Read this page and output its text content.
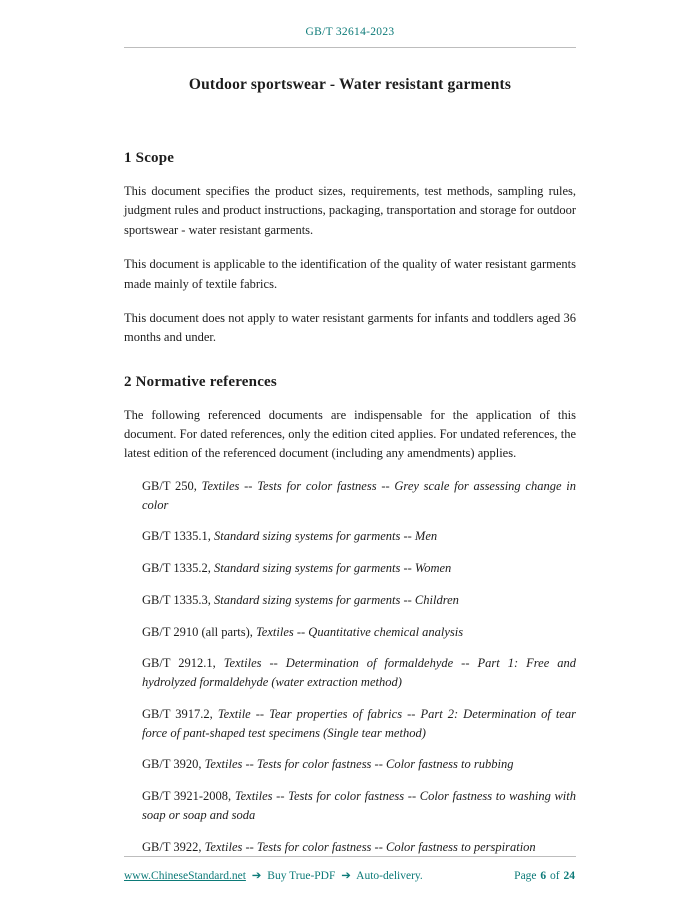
GB/T 32614-2023
Outdoor sportswear - Water resistant garments
1 Scope

This document specifies the product sizes, requirements, test methods, sampling rules, judgment rules and product instructions, packaging, transportation and storage for outdoor sportswear - water resistant garments.

This document is applicable to the identification of the quality of water resistant garments made mainly of textile fabrics.

This document does not apply to water resistant garments for infants and toddlers aged 36 months and under.

2 Normative references

The following referenced documents are indispensable for the application of this document. For dated references, only the edition cited applies. For undated references, the latest edition of the referenced document (including any amendments) applies.

GB/T 250, Textiles -- Tests for color fastness -- Grey scale for assessing change in color

GB/T 1335.1, Standard sizing systems for garments -- Men

GB/T 1335.2, Standard sizing systems for garments -- Women

GB/T 1335.3, Standard sizing systems for garments -- Children

GB/T 2910 (all parts), Textiles -- Quantitative chemical analysis

GB/T 2912.1, Textiles -- Determination of formaldehyde -- Part 1: Free and hydrolyzed formaldehyde (water extraction method)

GB/T 3917.2, Textile -- Tear properties of fabrics -- Part 2: Determination of tear force of pant-shaped test specimens (Single tear method)

GB/T 3920, Textiles -- Tests for color fastness -- Color fastness to rubbing

GB/T 3921-2008, Textiles -- Tests for color fastness -- Color fastness to washing with soap or soap and soda

GB/T 3922, Textiles -- Tests for color fastness -- Color fastness to perspiration

www.ChineseStandard.net ➔ Buy True-PDF ➔ Auto-delivery.	Page 6 of 24
